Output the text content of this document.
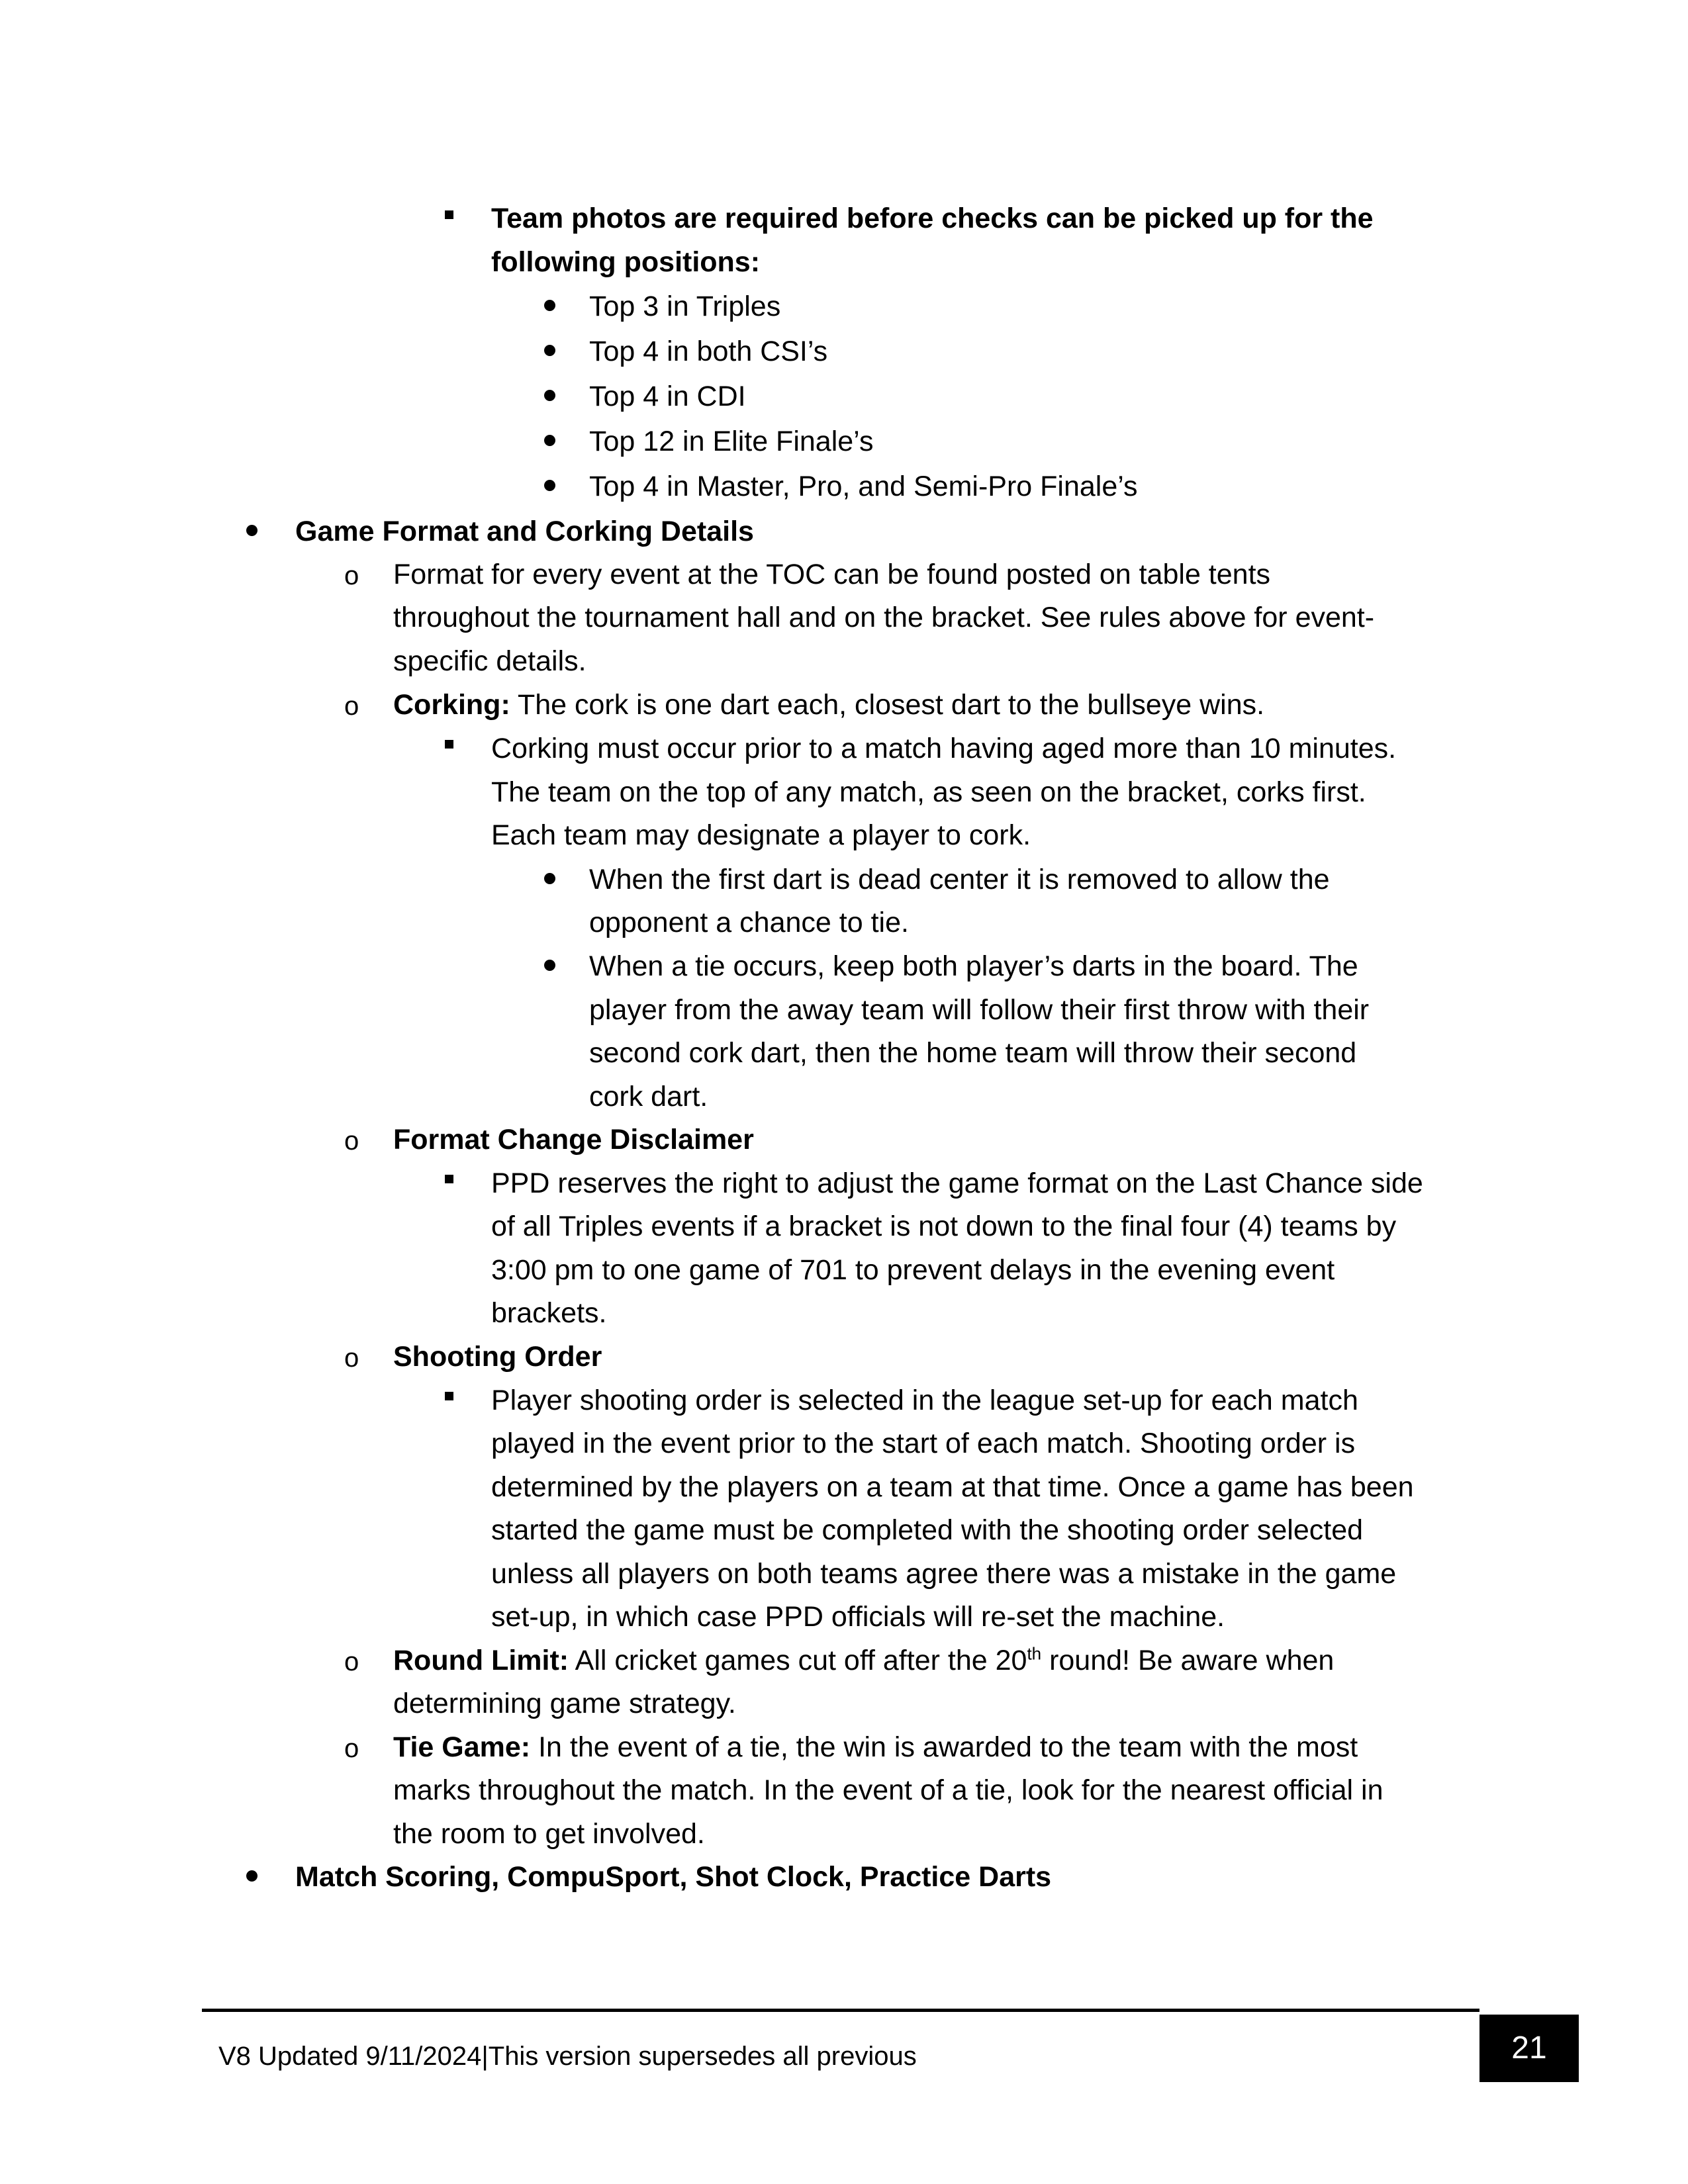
Team photos are required before checks can be picked up for the
following positions:
Top 3 in Triples
Top 4 in both CSI’s
Top 4 in CDI
Top 12 in Elite Finale’s
Top 4 in Master, Pro, and Semi-Pro Finale’s
Game Format and Corking Details
o Format for every event at the TOC can be found posted on table tents
throughout the tournament hall and on the bracket. See rules above for event-
specific details.
o Corking: The cork is one dart each, closest dart to the bullseye wins.
Corking must occur prior to a match having aged more than 10 minutes.
The team on the top of any match, as seen on the bracket, corks first.
Each team may designate a player to cork.
When the first dart is dead center it is removed to allow the
opponent a chance to tie.
When a tie occurs, keep both player’s darts in the board. The
player from the away team will follow their first throw with their
second cork dart, then the home team will throw their second
cork dart.
o Format Change Disclaimer
PPD reserves the right to adjust the game format on the Last Chance side
of all Triples events if a bracket is not down to the final four (4) teams by
3:00 pm to one game of 701 to prevent delays in the evening event
brackets.
o Shooting Order
Player shooting order is selected in the league set-up for each match
played in the event prior to the start of each match. Shooting order is
determined by the players on a team at that time. Once a game has been
started the game must be completed with the shooting order selected
unless all players on both teams agree there was a mistake in the game
set-up, in which case PPD officials will re-set the machine.
o Round Limit: All cricket games cut off after the 20th round! Be aware when
determining game strategy.
o Tie Game: In the event of a tie, the win is awarded to the team with the most
marks throughout the match. In the event of a tie, look for the nearest official in
the room to get involved.
Match Scoring, CompuSport, Shot Clock, Practice Darts
V8 Updated 9/11/2024|This version supersedes all previous	21
